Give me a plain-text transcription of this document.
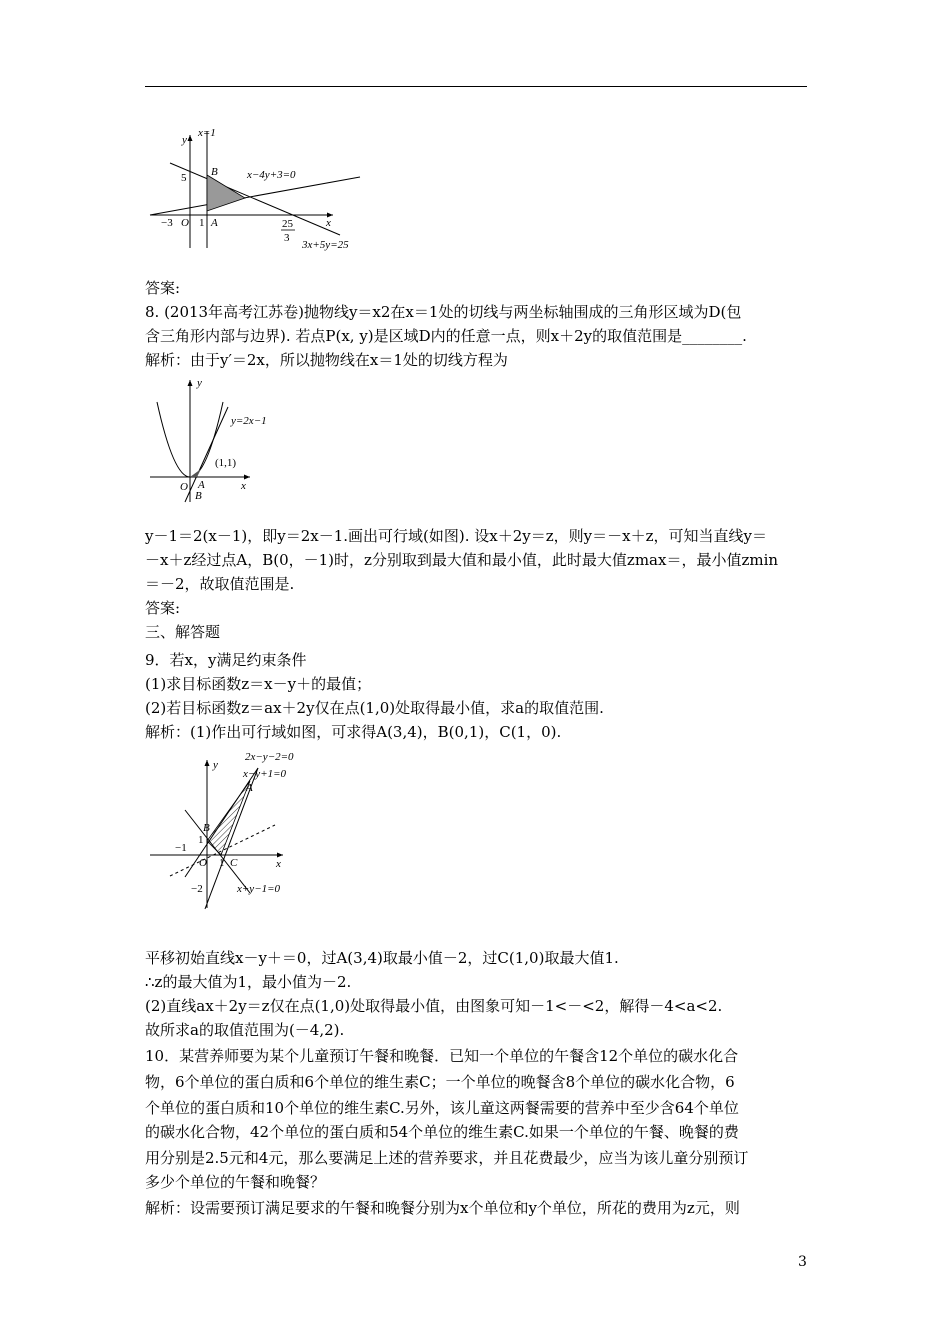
x=1
y
5 B	x−4y+3=0
−3 O 1 A	25
3
x
3x+5y=25
y
y=2x−1
(1,1)
O A
B
x
2x−y−2=0
x−y+1=0
y
A
B
1
−1
O 1 C	x
−2	x+y−1=0
答案:
8. (2013年高考江苏卷)抛物线y＝x2在x＝1处的切线与两坐标轴围成的三角形区域为D(包
含三角形内部与边界). 若点P(x, y)是区域D内的任意一点，则x＋2y的取值范围是________.
解析：由于y′＝2x，所以抛物线在x＝1处的切线方程为
y－1＝2(x－1)，即y＝2x－1.画出可行域(如图). 设x＋2y＝z，则y＝－x＋z，可知当直线y＝
－x＋z经过点A，B(0，－1)时，z分别取到最大值和最小值，此时最大值zmax＝，最小值zmin
＝－2，故取值范围是.
答案:
三、解答题
9．若x，y满足约束条件
(1)求目标函数z＝x－y＋的最值；
(2)若目标函数z＝ax＋2y仅在点(1,0)处取得最小值，求a的取值范围.
解析：(1)作出可行域如图，可求得A(3,4)，B(0,1)，C(1，0).
平移初始直线x－y＋＝0，过A(3,4)取最小值－2，过C(1,0)取最大值1.
∴z的最大值为1，最小值为－2.
(2)直线ax＋2y＝z仅在点(1,0)处取得最小值，由图象可知－1<－<2，解得－4<a<2.
故所求a的取值范围为(－4,2).
10．某营养师要为某个儿童预订午餐和晚餐．已知一个单位的午餐含12个单位的碳水化合
物，6个单位的蛋白质和6个单位的维生素C；一个单位的晚餐含8个单位的碳水化合物，6
个单位的蛋白质和10个单位的维生素C.另外，该儿童这两餐需要的营养中至少含64个单位
的碳水化合物，42个单位的蛋白质和54个单位的维生素C.如果一个单位的午餐、晚餐的费
用分别是2.5元和4元，那么要满足上述的营养要求，并且花费最少，应当为该儿童分别预订
多少个单位的午餐和晚餐？
解析：设需要预订满足要求的午餐和晚餐分别为x个单位和y个单位，所花的费用为z元，则
3
